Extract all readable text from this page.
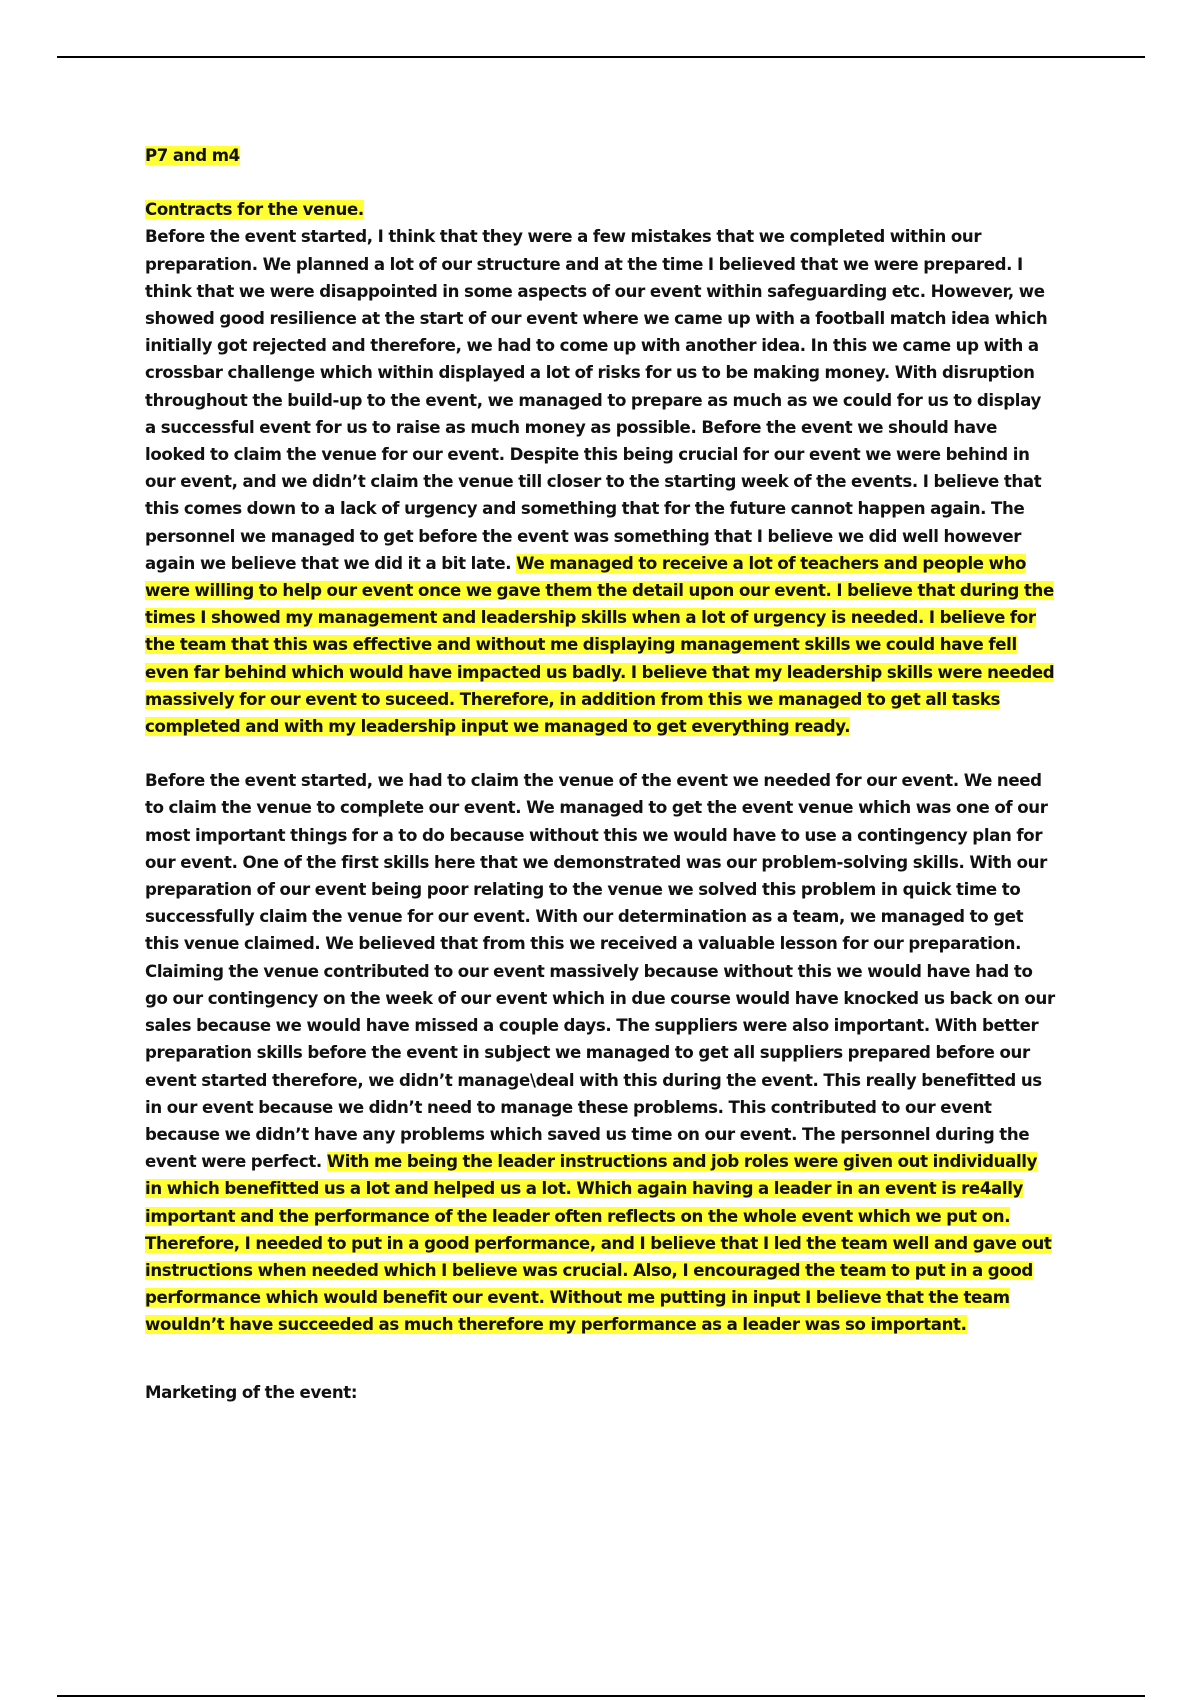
P7 and m4

Contracts for the venue.

Before the event started, I think that they were a few mistakes that we completed within our preparation. We planned a lot of our structure and at the time I believed that we were prepared. I think that we were disappointed in some aspects of our event within safeguarding etc. However, we showed good resilience at the start of our event where we came up with a football match idea which initially got rejected and therefore, we had to come up with another idea. In this we came up with a crossbar challenge which within displayed a lot of risks for us to be making money. With disruption throughout the build-up to the event, we managed to prepare as much as we could for us to display a successful event for us to raise as much money as possible. Before the event we should have looked to claim the venue for our event. Despite this being crucial for our event we were behind in our event, and we didn’t claim the venue till closer to the starting week of the events. I believe that this comes down to a lack of urgency and something that for the future cannot happen again. The personnel we managed to get before the event was something that I believe we did well however again we believe that we did it a bit late. We managed to receive a lot of teachers and people who were willing to help our event once we gave them the detail upon our event. I believe that during the times I showed my management and leadership skills when a lot of urgency is needed. I believe for the team that this was effective and without me displaying management skills we could have fell even far behind which would have impacted us badly. I believe that my leadership skills were needed massively for our event to suceed. Therefore, in addition from this we managed to get all tasks completed and with my leadership input we managed to get everything ready.

Before the event started, we had to claim the venue of the event we needed for our event. We need to claim the venue to complete our event. We managed to get the event venue which was one of our most important things for a to do because without this we would have to use a contingency plan for our event. One of the first skills here that we demonstrated was our problem-solving skills. With our preparation of our event being poor relating to the venue we solved this problem in quick time to successfully claim the venue for our event. With our determination as a team, we managed to get this venue claimed. We believed that from this we received a valuable lesson for our preparation. Claiming the venue contributed to our event massively because without this we would have had to go our contingency on the week of our event which in due course would have knocked us back on our sales because we would have missed a couple days. The suppliers were also important. With better preparation skills before the event in subject we managed to get all suppliers prepared before our event started therefore, we didn’t manage\deal with this during the event. This really benefitted us in our event because we didn’t need to manage these problems. This contributed to our event because we didn’t have any problems which saved us time on our event. The personnel during the event were perfect. With me being the leader instructions and job roles were given out individually in which benefitted us a lot and helped us a lot. Which again having a leader in an event is re4ally important and the performance of the leader often reflects on the whole event which we put on. Therefore, I needed to put in a good performance, and I believe that I led the team well and gave out instructions when needed which I believe was crucial. Also, I encouraged the team to put in a good performance which would benefit our event. Without me putting in input I believe that the team wouldn’t have succeeded as much therefore my performance as a leader was so important.

Marketing of the event:
